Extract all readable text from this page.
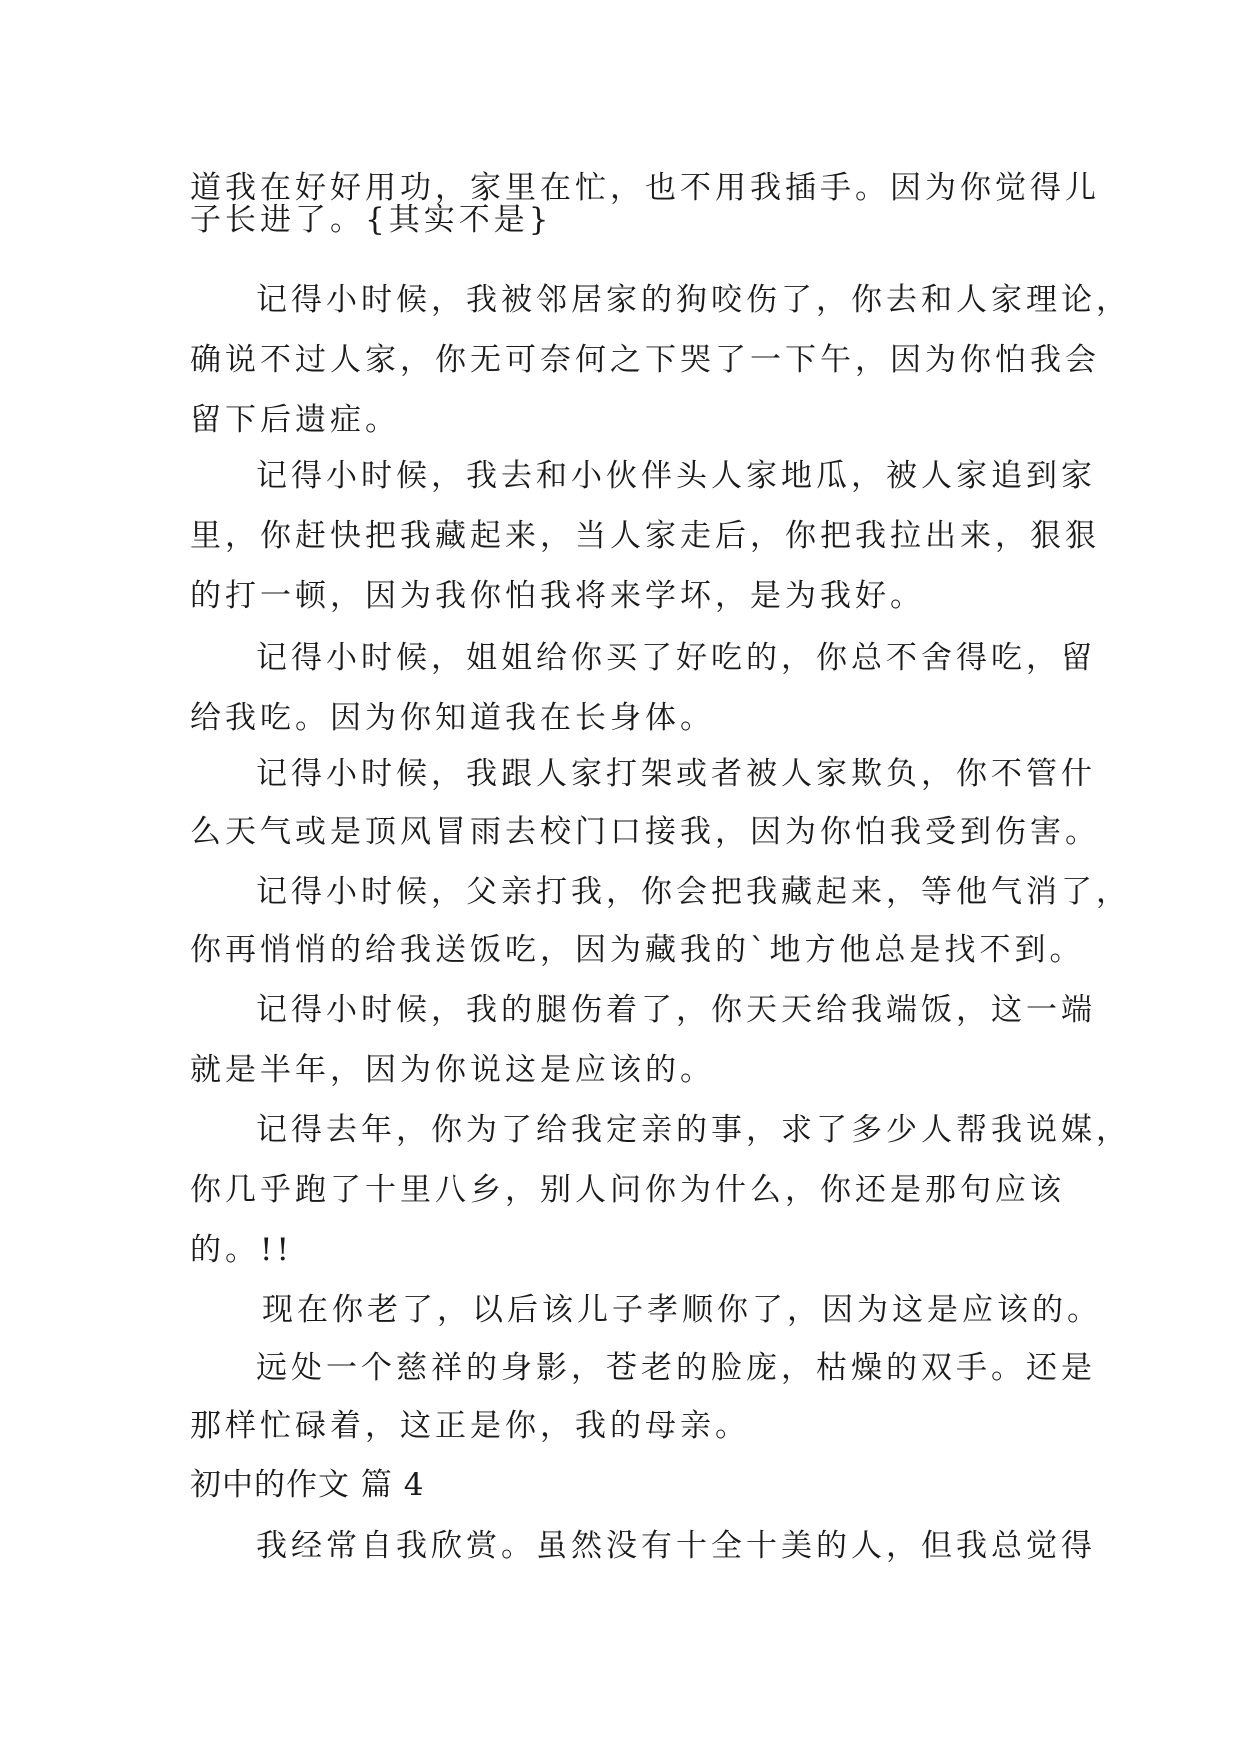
道我在好好用功，家里在忙，也不用我插手。因为你觉得儿
子长进了。{其实不是}
记得小时候，我被邻居家的狗咬伤了，你去和人家理论，
确说不过人家，你无可奈何之下哭了一下午，因为你怕我会
留下后遗症。
记得小时候，我去和小伙伴头人家地瓜，被人家追到家
里，你赶快把我藏起来，当人家走后，你把我拉出来，狠狠
的打一顿，因为我你怕我将来学坏，是为我好。
记得小时候，姐姐给你买了好吃的，你总不舍得吃，留
给我吃。因为你知道我在长身体。
记得小时候，我跟人家打架或者被人家欺负，你不管什
么天气或是顶风冒雨去校门口接我，因为你怕我受到伤害。
记得小时候，父亲打我，你会把我藏起来，等他气消了，
你再悄悄的给我送饭吃，因为藏我的`地方他总是找不到。
记得小时候，我的腿伤着了，你天天给我端饭，这一端
就是半年，因为你说这是应该的。
记得去年，你为了给我定亲的事，求了多少人帮我说媒，
你几乎跑了十里八乡，别人问你为什么，你还是那句应该
的。!!
现在你老了，以后该儿子孝顺你了，因为这是应该的。
远处一个慈祥的身影，苍老的脸庞，枯燥的双手。还是
那样忙碌着，这正是你，我的母亲。
初中的作文 篇 4
我经常自我欣赏。虽然没有十全十美的人，但我总觉得
